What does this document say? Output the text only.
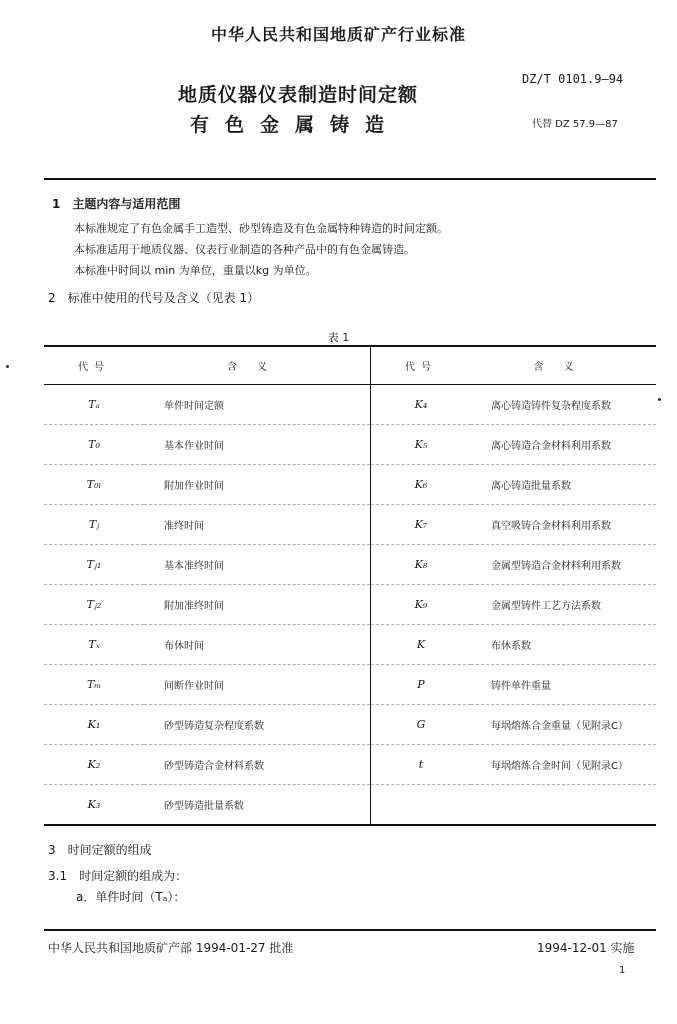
中华人民共和国地质矿产行业标准
地质仪器仪表制造时间定额
有色金属铸造
DZ/T 0101.9—94
代替 DZ 57.9—87
1　主题内容与适用范围
本标准规定了有色金属手工造型、砂型铸造及有色金属特种铸造的时间定额。
本标准适用于地质仪器、仪表行业制造的各种产品中的有色金属铸造。
本标准中时间以 min 为单位，重量以kg 为单位。
2　标准中使用的代号及含义（见表 1）
表 1
代号	含义	代号	含义
Tₐ	单件时间定额	K₄	离心铸造铸件复杂程度系数
T₀	基本作业时间	K₅	离心铸造合金材料利用系数
T₀ₗ	附加作业时间	K₆	离心铸造批量系数
Tⱼ	准终时间	K₇	真空吸铸合金材料利用系数
Tⱼ₁	基本准终时间	K₈	金属型铸造合金材料利用系数
Tⱼ₂	附加准终时间	K₉	金属型铸件工艺方法系数
Tₓ	布休时间	K	布休系数
Tₘ	间断作业时间	P	铸件单件重量
K₁	砂型铸造复杂程度系数	G	每埚熔炼合金重量（见附录C）
K₂	砂型铸造合金材料系数	t	每埚熔炼合金时间（见附录C）
K₃	砂型铸造批量系数		
3　时间定额的组成
3.1　时间定额的组成为：
a．单件时间（Tₐ）：
中华人民共和国地质矿产部 1994-01-27 批准	1994-12-01 实施
1
